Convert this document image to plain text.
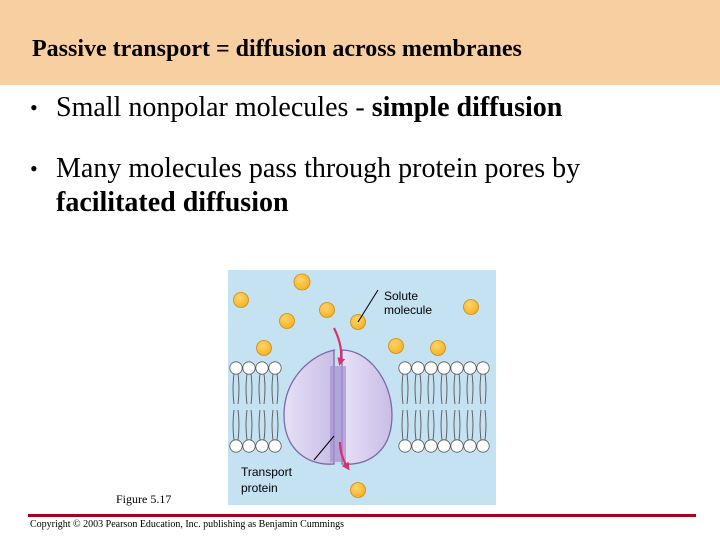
Passive transport = diffusion across membranes
• Small nonpolar molecules - simple diffusion
• Many molecules pass through protein pores by facilitated diffusion
Solute
molecule
Transport
protein
Figure 5.17
Copyright © 2003 Pearson Education, Inc. publishing as Benjamin Cummings
